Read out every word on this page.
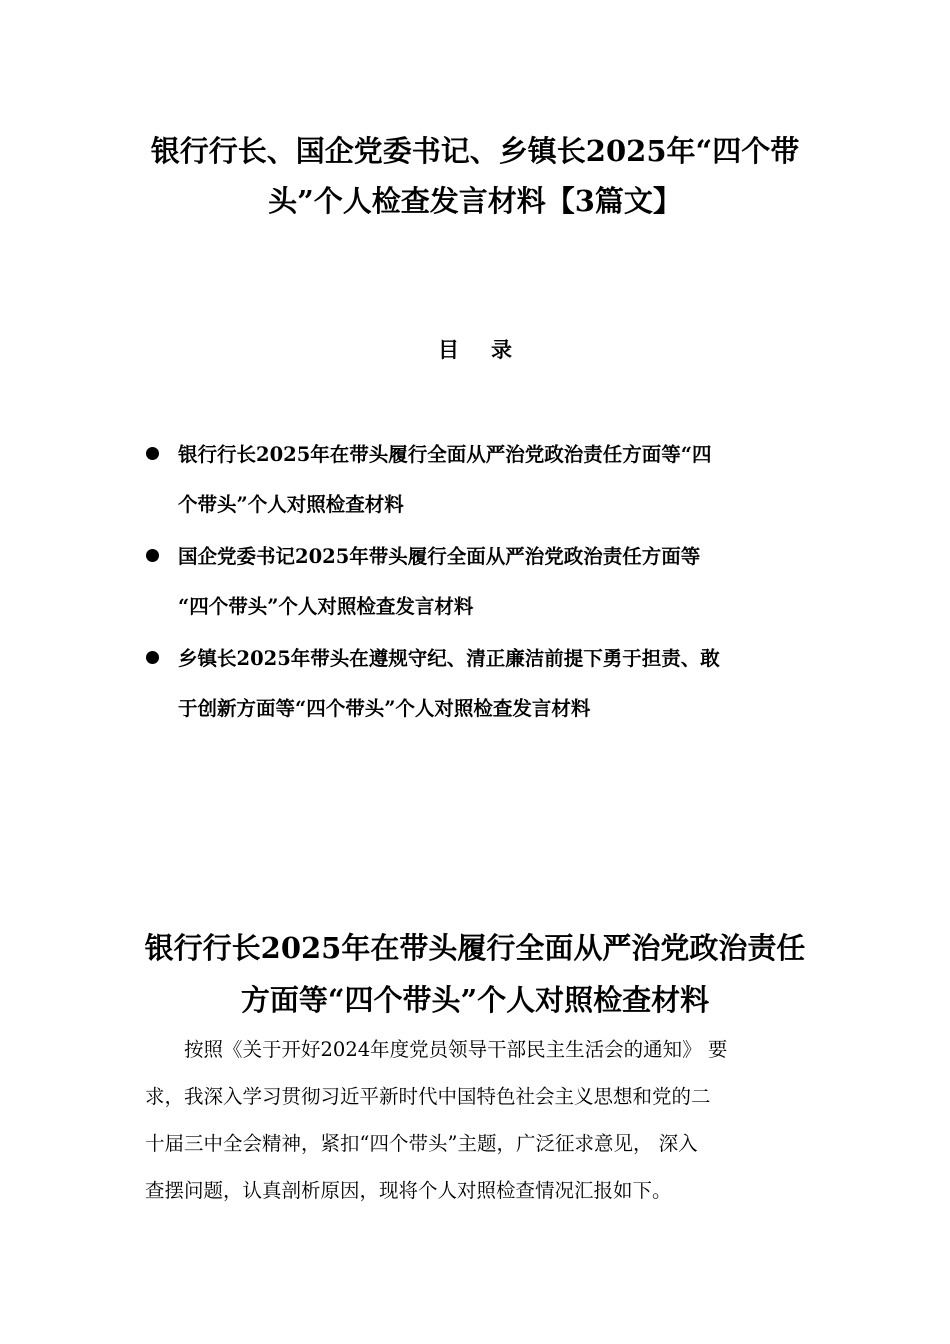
银行行长、国企党委书记、乡镇长2025年“四个带
头”个人检查发言材料【3篇文】
目录
银行行长2025年在带头履行全面从严治党政治责任方面等“四
个带头”个人对照检查材料
国企党委书记2025年带头履行全面从严治党政治责任方面等
“四个带头”个人对照检查发言材料
乡镇长2025年带头在遵规守纪、清正廉洁前提下勇于担责、敢
于创新方面等“四个带头”个人对照检查发言材料
银行行长2025年在带头履行全面从严治党政治责任
方面等“四个带头”个人对照检查材料

按照《关于开好2024年度党员领导干部民主生活会的通知》 要
求，我深入学习贯彻习近平新时代中国特色社会主义思想和党的二
十届三中全会精神，紧扣“四个带头”主题，广泛征求意见， 深入
查摆问题，认真剖析原因，现将个人对照检查情况汇报如下。
